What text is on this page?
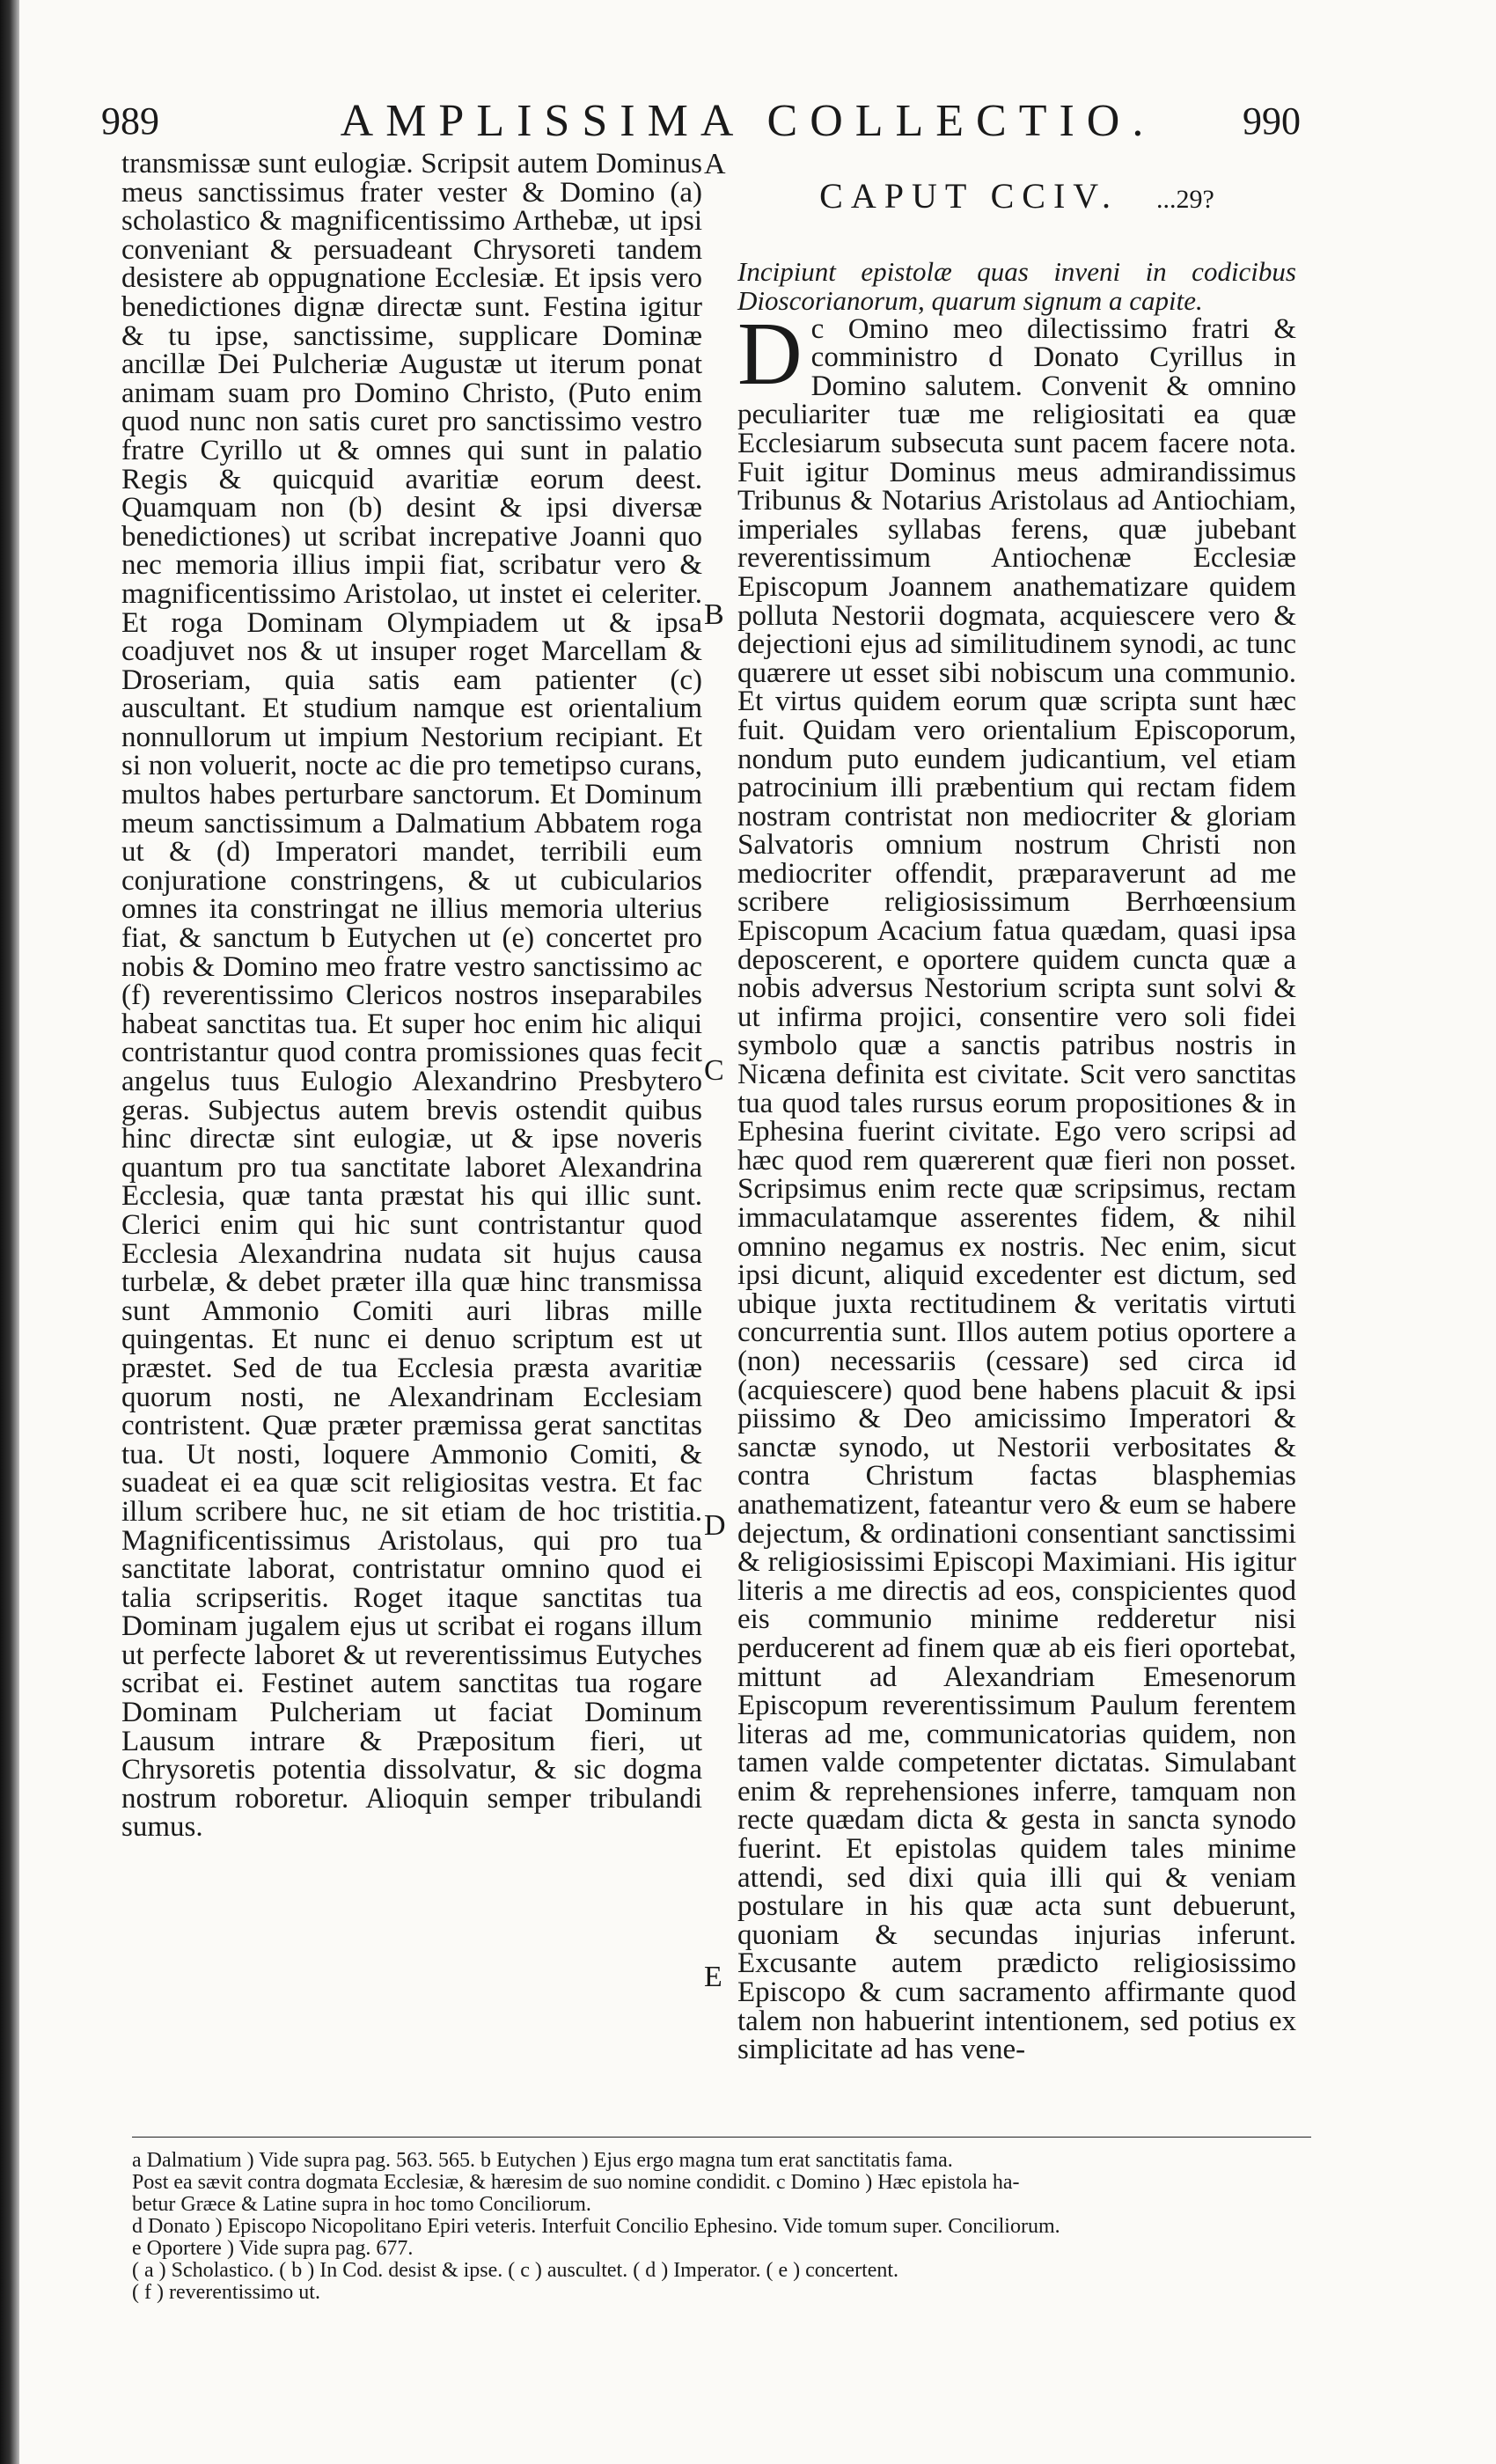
989	AMPLISSIMA COLLECTIO.	990

transmissæ sunt eulogiæ. Scripsit autem Dominus meus sanctissimus frater vester & Domino (a) scholastico & magnificentissimo Arthebæ, ut ipsi conveniant & persuadeant Chrysoreti tandem desistere ab oppugnatione Ecclesiæ. Et ipsis vero benedictiones dignæ directæ sunt. Festina igitur & tu ipse, sanctissime, supplicare Dominæ ancillæ Dei Pulcheriæ Augustæ ut iterum ponat animam suam pro Domino Christo, (Puto enim quod nunc non satis curet pro sanctissimo vestro fratre Cyrillo ut & omnes qui sunt in palatio Regis & quicquid avaritiæ eorum deest. Quamquam non (b) desint & ipsi diversæ benedictiones) ut scribat increpative Joanni quo nec memoria illius impii fiat, scribatur vero & magnificentissimo Aristolao, ut instet ei celeriter. Et roga Dominam Olympiadem ut & ipsa coadjuvet nos & ut insuper roget Marcellam & Droseriam, quia satis eam patienter (c) auscultant. Et studium namque est orientalium nonnullorum ut impium Nestorium recipiant. Et si non voluerit, nocte ac die pro temetipso curans, multos habes perturbare sanctorum. Et Dominum meum sanctissimum a Dalmatium Abbatem roga ut & (d) Imperatori mandet, terribili eum conjuratione constringens, & ut cubicularios omnes ita constringat ne illius memoria ulterius fiat, & sanctum b Eutychen ut (e) concertet pro nobis & Domino meo fratre vestro sanctissimo ac (f) reverentissimo Clericos nostros inseparabiles habeat sanctitas tua. Et super hoc enim hic aliqui contristantur quod contra promissiones quas fecit angelus tuus Eulogio Alexandrino Presbytero geras. Subjectus autem brevis ostendit quibus hinc directæ sint eulogiæ, ut & ipse noveris quantum pro tua sanctitate laboret Alexandrina Ecclesia, quæ tanta præstat his qui illic sunt. Clerici enim qui hic sunt contristantur quod Ecclesia Alexandrina nudata sit hujus causa turbelæ, & debet præter illa quæ hinc transmissa sunt Ammonio Comiti auri libras mille quingentas. Et nunc ei denuo scriptum est ut præstet. Sed de tua Ecclesia præsta avaritiæ quorum nosti, ne Alexandrinam Ecclesiam contristent. Quæ præter præmissa gerat sanctitas tua. Ut nosti, loquere Ammonio Comiti, & suadeat ei ea quæ scit religiositas vestra. Et fac illum scribere huc, ne sit etiam de hoc tristitia. Magnificentissimus Aristolaus, qui pro tua sanctitate laborat, contristatur omnino quod ei talia scripseritis. Roget itaque sanctitas tua Dominam jugalem ejus ut scribat ei rogans illum ut perfecte laboret & ut reverentissimus Eutyches scribat ei. Festinet autem sanctitas tua rogare Dominam Pulcheriam ut faciat Dominum Lausum intrare & Præpositum fieri, ut Chrysoretis potentia dissolvatur, & sic dogma nostrum roboretur. Alioquin semper tribulandi sumus.

CAPUT CCIV. ...29?

Incipiunt epistolæ quas inveni in codicibus Dioscorianorum, quarum signum a capite.

D c Omino meo dilectissimo fratri & comministro d Donato Cyrillus in Domino salutem. Convenit & omnino peculiariter tuæ me religiositati ea quæ Ecclesiarum subsecuta sunt pacem facere nota. Fuit igitur Dominus meus admirandissimus Tribunus & Notarius Aristolaus ad Antiochiam, imperiales syllabas ferens, quæ jubebant reverentissimum Antiochenæ Ecclesiæ Episcopum Joannem anathematizare quidem polluta Nestorii dogmata, acquiescere vero & dejectioni ejus ad similitudinem synodi, ac tunc quærere ut esset sibi nobiscum una communio. Et virtus quidem eorum quæ scripta sunt hæc fuit. Quidam vero orientalium Episcoporum, nondum puto eundem judicantium, vel etiam patrocinium illi præbentium qui rectam fidem nostram contristat non mediocriter & gloriam Salvatoris omnium nostrum Christi non mediocriter offendit, præparaverunt ad me scribere religiosissimum Berrhœensium Episcopum Acacium fatua quædam, quasi ipsa deposcerent, e oportere quidem cuncta quæ a nobis adversus Nestorium scripta sunt solvi & ut infirma projici, consentire vero soli fidei symbolo quæ a sanctis patribus nostris in Nicæna definita est civitate. Scit vero sanctitas tua quod tales rursus eorum propositiones & in Ephesina fuerint civitate. Ego vero scripsi ad hæc quod rem quærerent quæ fieri non posset. Scripsimus enim recte quæ scripsimus, rectam immaculatamque asserentes fidem, & nihil omnino negamus ex nostris. Nec enim, sicut ipsi dicunt, aliquid excedenter est dictum, sed ubique juxta rectitudinem & veritatis virtuti concurrentia sunt. Illos autem potius oportere a (non) necessariis (cessare) sed circa id (acquiescere) quod bene habens placuit & ipsi piissimo & Deo amicissimo Imperatori & sanctæ synodo, ut Nestorii verbositates & contra Christum factas blasphemias anathematizent, fateantur vero & eum se habere dejectum, & ordinationi consentiant sanctissimi & religiosissimi Episcopi Maximiani. His igitur literis a me directis ad eos, conspicientes quod eis communio minime redderetur nisi perducerent ad finem quæ ab eis fieri oportebat, mittunt ad Alexandriam Emesenorum Episcopum reverentissimum Paulum ferentem literas ad me, communicatorias quidem, non tamen valde competenter dictatas. Simulabant enim & reprehensiones inferre, tamquam non recte quædam dicta & gesta in sancta synodo fuerint. Et epistolas quidem tales minime attendi, sed dixi quia illi qui & veniam postulare in his quæ acta sunt debuerunt, quoniam & secundas injurias inferunt. Excusante autem prædicto religiosissimo Episcopo & cum sacramento affirmante quod talem non habuerint intentionem, sed potius ex simplicitate ad has vene-

A
B
C
D
E
a Dalmatium ) Vide supra pag. 563. 565. b Eutychen ) Ejus ergo magna tum erat sanctitatis fama.
Post ea sævit contra dogmata Ecclesiæ, & hæresim de suo nomine condidit. c Domino ) Hæc epistola ha-
betur Græce & Latine supra in hoc tomo Conciliorum.
d Donato ) Episcopo Nicopolitano Epiri veteris. Interfuit Concilio Ephesino. Vide tomum super. Conciliorum.
e Oportere ) Vide supra pag. 677.
( a ) Scholastico. ( b ) In Cod. desist & ipse. ( c ) auscultet. ( d ) Imperator. ( e ) concertent.
( f ) reverentissimo ut.
